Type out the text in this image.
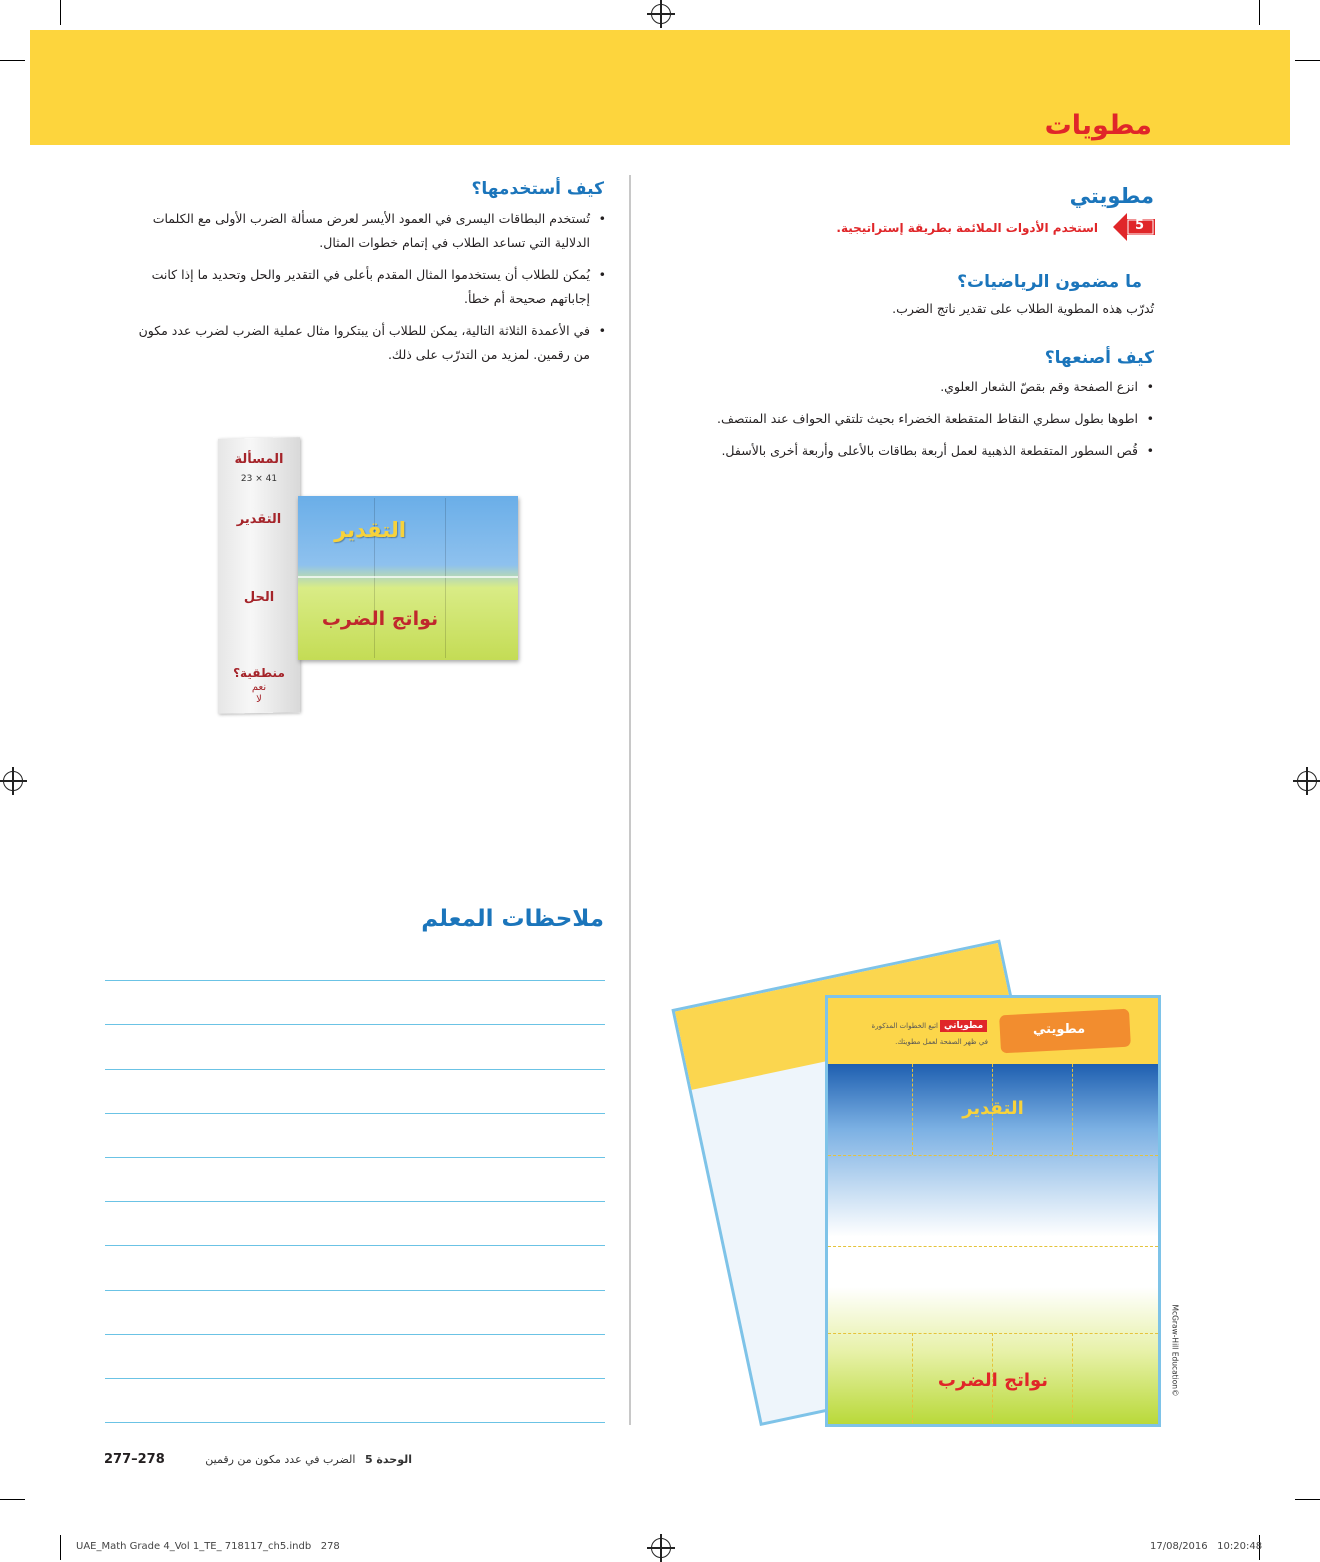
مطويات
مطويتي
5
استخدم الأدوات الملائمة بطريقة إستراتيجية.
ما مضمون الرياضيات؟
تُدرّب هذه المطوية الطلاب على تقدير ناتج الضرب.
كيف أصنعها؟
• انزع الصفحة وقم بقصّ الشعار العلوي.
• اطوها بطول سطري النقاط المتقطعة الخضراء بحيث تلتقي الحواف عند المنتصف.
• قُص السطور المتقطعة الذهبية لعمل أربعة بطاقات بالأعلى وأربعة أخرى بالأسفل.
كيف أستخدمها؟
• تُستخدم البطاقات اليسرى في العمود الأيسر لعرض مسألة الضرب الأولى مع الكلمات الدلالية التي تساعد الطلاب في إتمام خطوات المثال.
• يُمكن للطلاب أن يستخدموا المثال المقدم بأعلى في التقدير والحل وتحديد ما إذا كانت إجاباتهم صحيحة أم خطأ.
• في الأعمدة الثلاثة التالية، يمكن للطلاب أن يبتكروا مثال عملية الضرب لضرب عدد مكون من رقمين. لمزيد من التدرّب على ذلك.
المسألة
23 × 41
التقدير
الحل
منطقية؟
نعم
لا
التقدير
نواتج الضرب
ملاحظات المعلم
مطويتي
مطوياتي
اتبع الخطوات المذكورة
في ظهر الصفحة لعمل مطويتك.
التقدير
نواتج الضرب	McGraw-Hill Education©
277–278	الوحدة 5 الضرب في عدد مكون من رقمين
UAE_Math Grade 4_Vol 1_TE_ 718117_ch5.indb   278	17/08/2016   10:20:48
